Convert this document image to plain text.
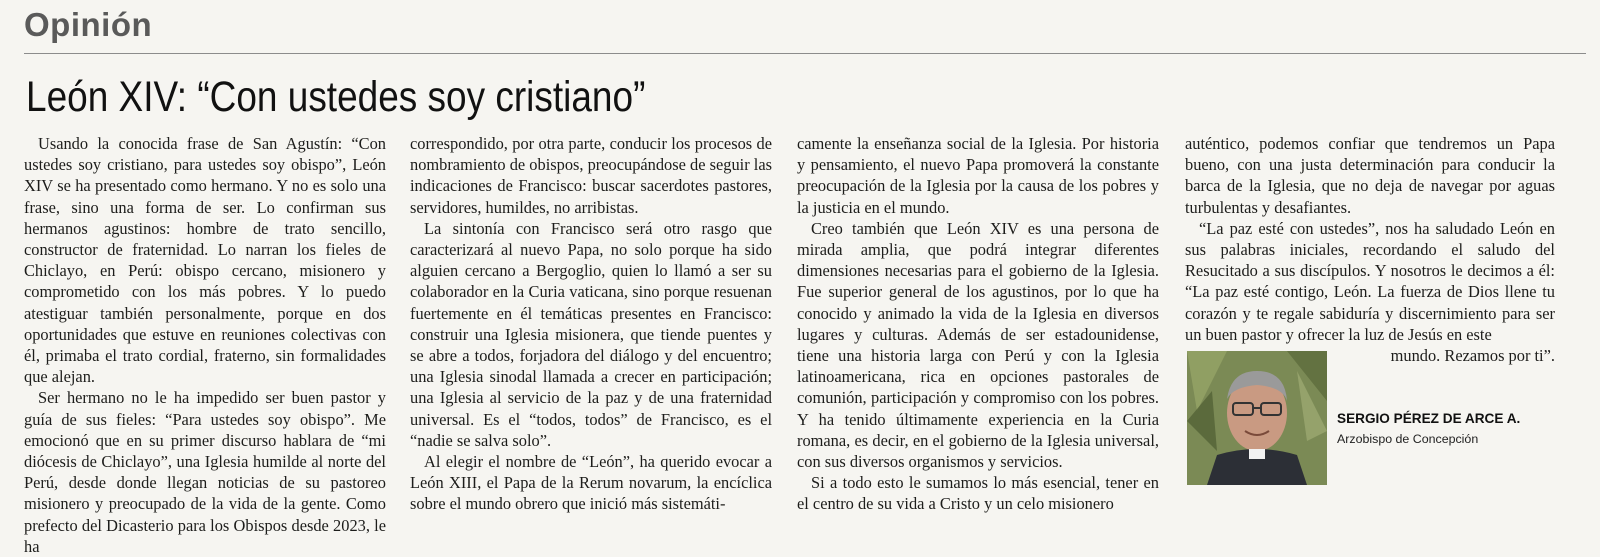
Opinión
León XIV: “Con ustedes soy cristiano”

Usando la conocida frase de San Agustín: “Con ustedes soy cristiano, para ustedes soy obispo”, León XIV se ha presentado como hermano. Y no es solo una frase, sino una forma de ser. Lo confirman sus hermanos agustinos: hombre de trato sencillo, constructor de fraternidad. Lo narran los fieles de Chiclayo, en Perú: obispo cercano, misionero y comprometido con los más pobres. Y lo puedo atestiguar también personalmente, porque en dos oportunidades que estuve en reuniones colectivas con él, primaba el trato cordial, fraterno, sin formalidades que alejan.

Ser hermano no le ha impedido ser buen pastor y guía de sus fieles: “Para ustedes soy obispo”. Me emocionó que en su primer discurso hablara de “mi diócesis de Chiclayo”, una Iglesia humilde al norte del Perú, desde donde llegan noticias de su pastoreo misionero y preocupado de la vida de la gente. Como prefecto del Dicasterio para los Obispos desde 2023, le ha

correspondido, por otra parte, conducir los procesos de nombramiento de obispos, preocupándose de seguir las indicaciones de Francisco: buscar sacerdotes pastores, servidores, humildes, no arribistas.

La sintonía con Francisco será otro rasgo que caracterizará al nuevo Papa, no solo porque ha sido alguien cercano a Bergoglio, quien lo llamó a ser su colaborador en la Curia vaticana, sino porque resuenan fuertemente en él temáticas presentes en Francisco: construir una Iglesia misionera, que tiende puentes y se abre a todos, forjadora del diálogo y del encuentro; una Iglesia sinodal llamada a crecer en participación; una Iglesia al servicio de la paz y de una fraternidad universal. Es el “todos, todos” de Francisco, es el “nadie se salva solo”.

Al elegir el nombre de “León”, ha querido evocar a León XIII, el Papa de la Rerum novarum, la encíclica sobre el mundo obrero que inició más sistemáti-

camente la enseñanza social de la Iglesia. Por historia y pensamiento, el nuevo Papa promoverá la constante preocupación de la Iglesia por la causa de los pobres y la justicia en el mundo.

Creo también que León XIV es una persona de mirada amplia, que podrá integrar diferentes dimensiones necesarias para el gobierno de la Iglesia. Fue superior general de los agustinos, por lo que ha conocido y animado la vida de la Iglesia en diversos lugares y culturas. Además de ser estadounidense, tiene una historia larga con Perú y con la Iglesia latinoamericana, rica en opciones pastorales de comunión, participación y compromiso con los pobres. Y ha tenido últimamente experiencia en la Curia romana, es decir, en el gobierno de la Iglesia universal, con sus diversos organismos y servicios.

Si a todo esto le sumamos lo más esencial, tener en el centro de su vida a Cristo y un celo misionero

auténtico, podemos confiar que tendremos un Papa bueno, con una justa determinación para conducir la barca de la Iglesia, que no deja de navegar por aguas turbulentas y desafiantes.

“La paz esté con ustedes”, nos ha saludado León en sus palabras iniciales, recordando el saludo del Resucitado a sus discípulos. Y nosotros le decimos a él: “La paz esté contigo, León. La fuerza de Dios llene tu corazón y te regale sabiduría y discernimiento para ser un buen pastor y ofrecer la luz de Jesús en este

mundo. Rezamos por ti”.

SERGIO PÉREZ DE ARCE A.
Arzobispo de Concepción
